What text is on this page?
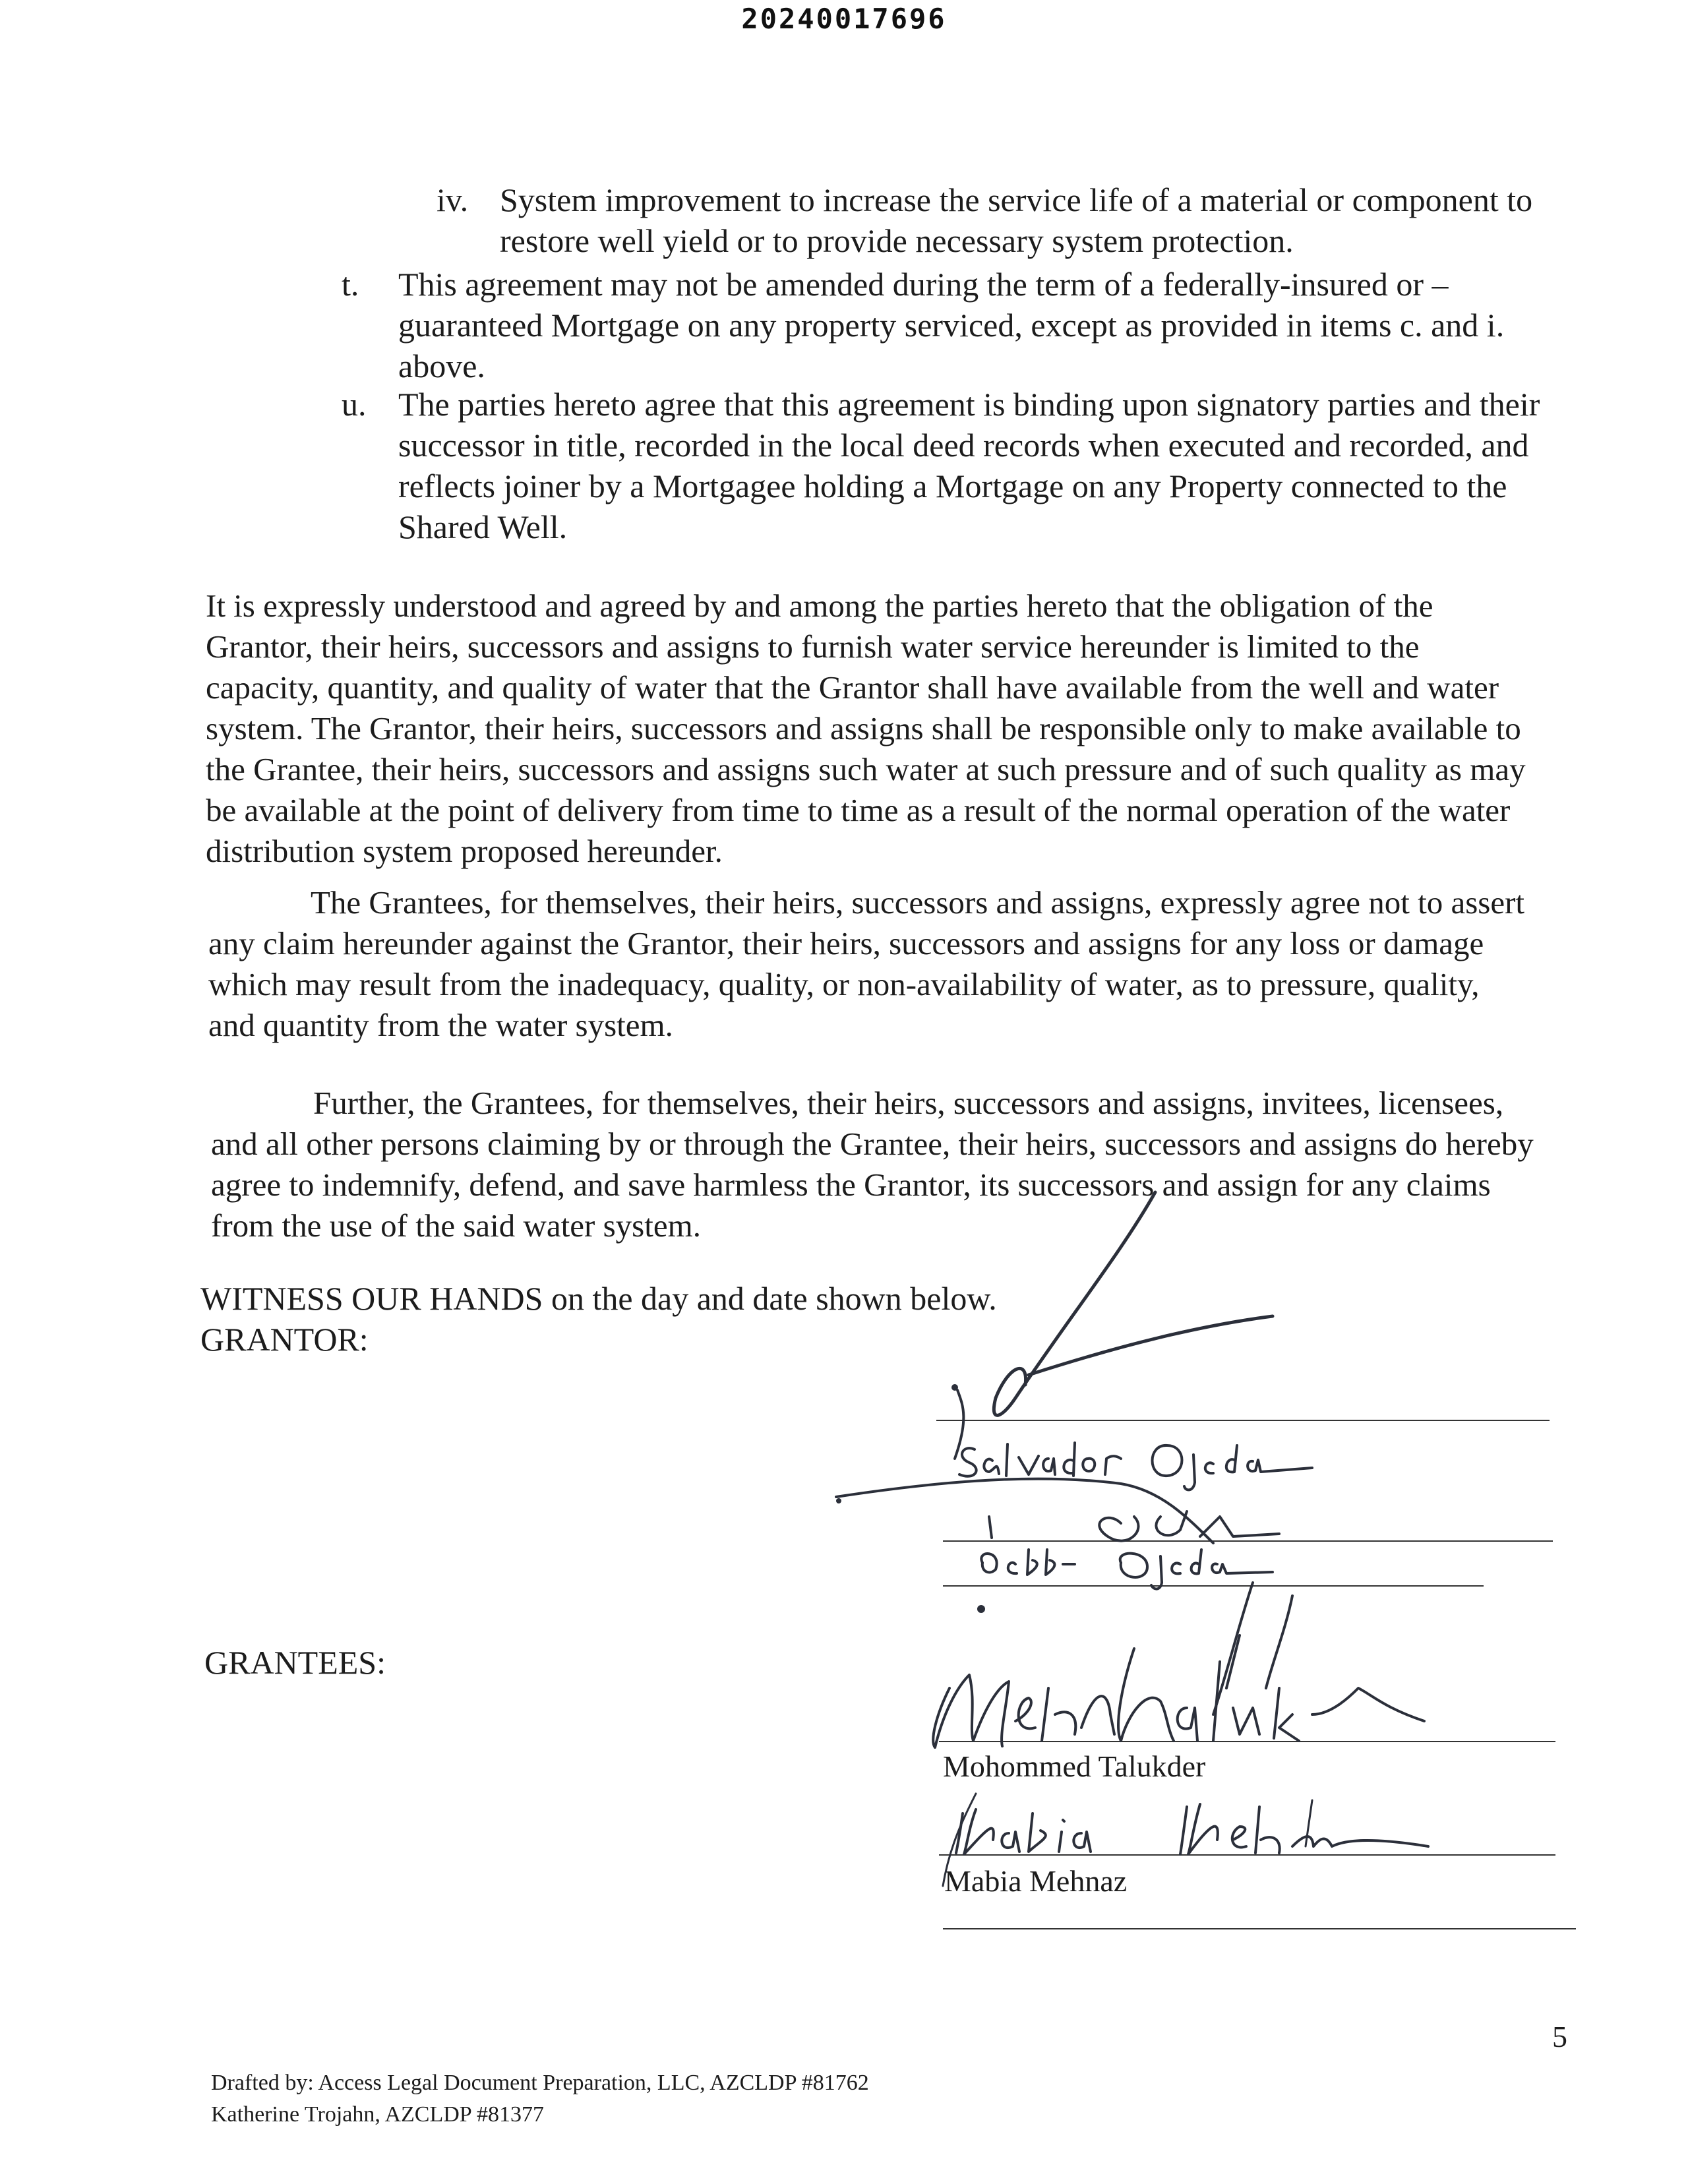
20240017696
iv. System improvement to increase the service life of a material or component to restore well yield or to provide necessary system protection.
t.	This agreement may not be amended during the term of a federally-insured or – guaranteed Mortgage on any property serviced, except as provided in items c. and i. above.
u. The parties hereto agree that this agreement is binding upon signatory parties and their successor in title, recorded in the local deed records when executed and recorded, and reflects joiner by a Mortgagee holding a Mortgage on any Property connected to the Shared Well.
It is expressly understood and agreed by and among the parties hereto that the obligation of the Grantor, their heirs, successors and assigns to furnish water service hereunder is limited to the capacity, quantity, and quality of water that the Grantor shall have available from the well and water system. The Grantor, their heirs, successors and assigns shall be responsible only to make available to the Grantee, their heirs, successors and assigns such water at such pressure and of such quality as may be available at the point of delivery from time to time as a result of the normal operation of the water distribution system proposed hereunder.
The Grantees, for themselves, their heirs, successors and assigns, expressly agree not to assert any claim hereunder against the Grantor, their heirs, successors and assigns for any loss or damage which may result from the inadequacy, quality, or non-availability of water, as to pressure, quality, and quantity from the water system.
Further, the Grantees, for themselves, their heirs, successors and assigns, invitees, licensees, and all other persons claiming by or through the Grantee, their heirs, successors and assigns do hereby agree to indemnify, defend, and save harmless the Grantor, its successors and assign for any claims from the use of the said water system.
WITNESS OUR HANDS on the day and date shown below.
GRANTOR:
GRANTEES:
Mohommed Talukder
Mabia Mehnaz
5
Drafted by: Access Legal Document Preparation, LLC, AZCLDP #81762
Katherine Trojahn, AZCLDP #81377
